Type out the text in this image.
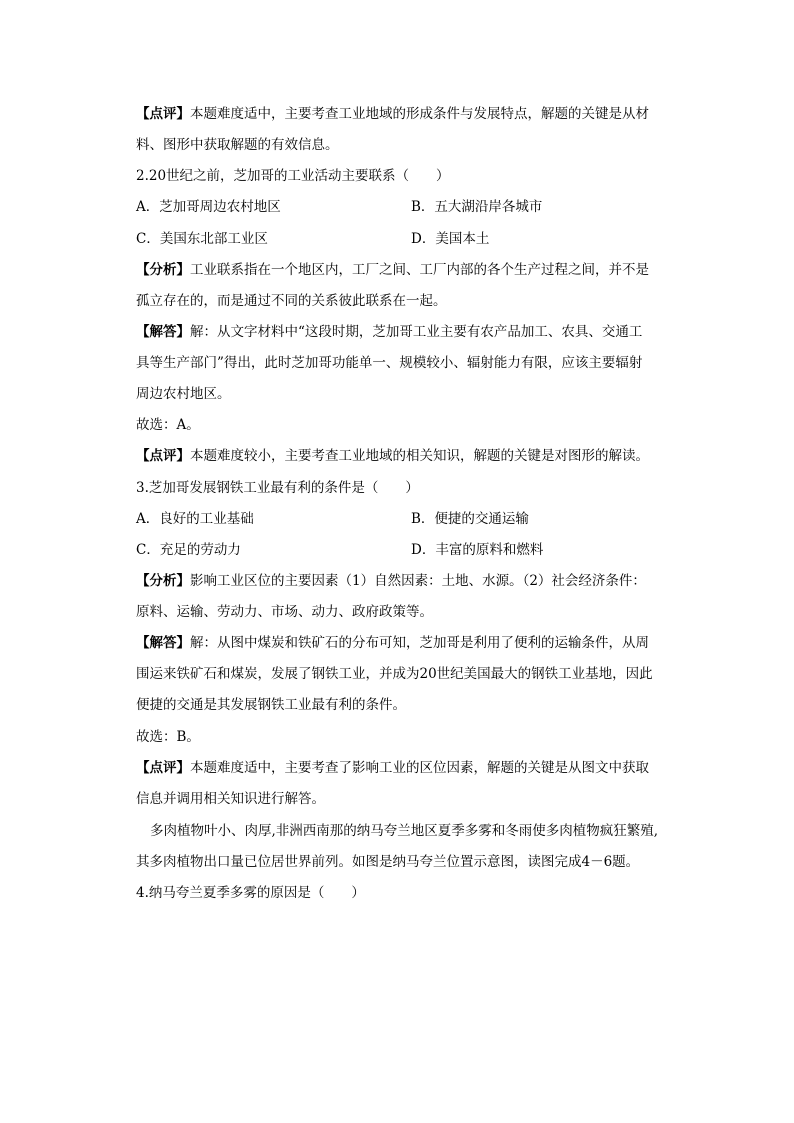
【点评】本题难度适中，主要考查工业地域的形成条件与发展特点，解题的关键是从材
料、图形中获取解题的有效信息。
2.20世纪之前，芝加哥的工业活动主要联系（　　）
A．芝加哥周边农村地区	B．五大湖沿岸各城市
C．美国东北部工业区	D．美国本土
【分析】工业联系指在一个地区内，工厂之间、工厂内部的各个生产过程之间，并不是
孤立存在的，而是通过不同的关系彼此联系在一起。
【解答】解：从文字材料中“这段时期，芝加哥工业主要有农产品加工、农具、交通工
具等生产部门”得出，此时芝加哥功能单一、规模较小、辐射能力有限，应该主要辐射
周边农村地区。
故选：A。
【点评】本题难度较小，主要考查工业地域的相关知识，解题的关键是对图形的解读。
3.芝加哥发展钢铁工业最有利的条件是（　　）
A．良好的工业基础	B．便捷的交通运输
C．充足的劳动力	D．丰富的原料和燃料
【分析】影响工业区位的主要因素（1）自然因素：土地、水源。（2）社会经济条件：
原料、运输、劳动力、市场、动力、政府政策等。
【解答】解：从图中煤炭和铁矿石的分布可知，芝加哥是利用了便利的运输条件，从周
围运来铁矿石和煤炭，发展了钢铁工业，并成为20世纪美国最大的钢铁工业基地，因此
便捷的交通是其发展钢铁工业最有利的条件。
故选：B。
【点评】本题难度适中，主要考查了影响工业的区位因素，解题的关键是从图文中获取
信息并调用相关知识进行解答。
多肉植物叶小、肉厚,非洲西南那的纳马夸兰地区夏季多雾和冬雨使多肉植物疯狂繁殖,
其多肉植物出口量已位居世界前列。如图是纳马夸兰位置示意图，读图完成4－6题。
4.纳马夸兰夏季多雾的原因是（　　）
